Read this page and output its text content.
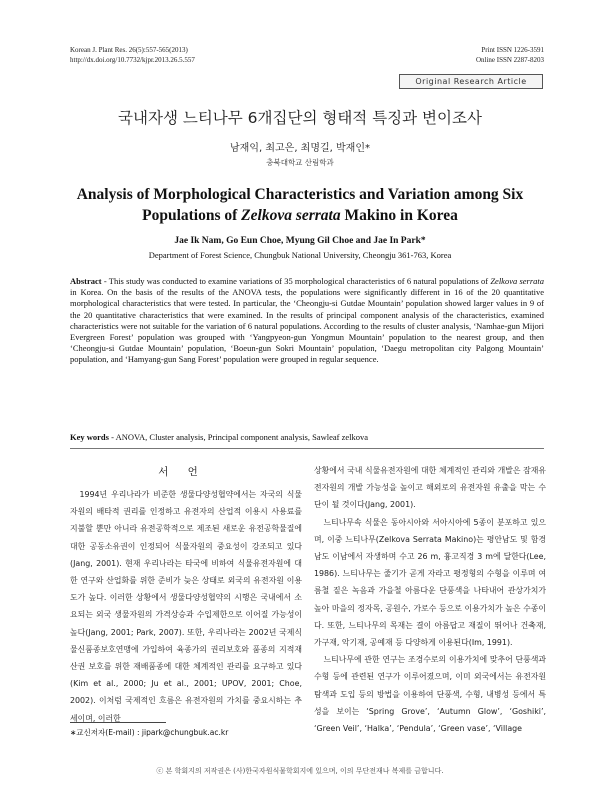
Korean J. Plant Res. 26(5):557-565(2013)
http://dx.doi.org/10.7732/kjpr.2013.26.5.557
Print ISSN 1226-3591
Online ISSN 2287-8203
Original Research Article
국내자생 느티나무 6개집단의 형태적 특징과 변이조사
남재익, 최고은, 최명길, 박재인*
충북대학교 산림학과
Analysis of Morphological Characteristics and Variation among Six
Populations of Zelkova serrata Makino in Korea
Jae Ik Nam, Go Eun Choe, Myung Gil Choe and Jae In Park*
Department of Forest Science, Chungbuk National University, Cheongju 361-763, Korea
Abstract - This study was conducted to examine variations of 35 morphological characteristics of 6 natural populations of Zelkova serrata in Korea. On the basis of the results of the ANOVA tests, the populations were significantly different in 16 of the 20 quantitative morphological characteristics that were tested. In particular, the ‘Cheongju-si Gutdae Mountain’ population showed larger values in 9 of the 20 quantitative characteristics that were examined. In the results of principal component analysis of the characteristics, examined characteristics were not suitable for the variation of 6 natural populations. According to the results of cluster analysis, ‘Namhae-gun Mijori Evergreen Forest’ population was grouped with ‘Yangpyeon-gun Yongmun Mountain’ population to the nearest group, and then ‘Cheongju-si Gutdae Mountain’ population, ‘Boeun-gun Sokri Mountain’ population, ‘Daegu metropolitan city Palgong Mountain’ population, and ‘Hamyang-gun Sang Forest’ population were grouped in regular sequence.
Key words - ANOVA, Cluster analysis, Principal component analysis, Sawleaf zelkova
서 언

1994년 우리나라가 비준한 생물다양성협약에서는 자국의 식물자원의 배타적 권리를 인정하고 유전자의 산업적 이용시 사용료를 지불할 뿐만 아니라 유전공학적으로 제조된 새로운 유전공학물질에 대한 공동소유권이 인정되어 식물자원의 중요성이 강조되고 있다(Jang, 2001). 현재 우리나라는 타국에 비하여 식물유전자원에 대한 연구와 산업화를 위한 준비가 늦은 상태로 외국의 유전자원 이용도가 높다. 이러한 상황에서 생물다양성협약의 시행은 국내에서 소요되는 외국 생물자원의 가격상승과 수입제한으로 이어질 가능성이 높다(Jang, 2001; Park, 2007). 또한, 우리나라는 2002년 국제식물신품종보호연맹에 가입하여 육종가의 권리보호와 품종의 지적재산권 보호를 위한 재배품종에 대한 체계적인 관리를 요구하고 있다(Kim et al., 2000; Ju et al., 2001; UPOV, 2001; Choe, 2002). 이처럼 국제적인 흐름은 유전자원의 가치를 중요시하는 추세이며, 이러한

상황에서 국내 식물유전자원에 대한 체계적인 관리와 개발은 잠재유전자원의 개발 가능성을 높이고 해외로의 유전자원 유출을 막는 수단이 될 것이다(Jang, 2001).

느티나무속 식물은 동아시아와 서아시아에 5종이 분포하고 있으며, 이중 느티나무(Zelkova Serrata Makino)는 평안남도 및 함경남도 이남에서 자생하며 수고 26 m, 흉고직경 3 m에 달한다(Lee, 1986). 느티나무는 줄기가 곧게 자라고 평정형의 수형을 이루며 여름철 짙은 녹음과 가을철 아름다운 단풍색을 나타내어 관상가치가 높아 마을의 정자목, 공원수, 가로수 등으로 이용가치가 높은 수종이다. 또한, 느티나무의 목재는 결이 아름답고 재질이 뛰어나 건축재, 가구재, 악기재, 공예재 등 다양하게 이용된다(Im, 1991).

느티나무에 관한 연구는 조경수로의 이용가치에 맞추어 단풍색과 수형 등에 관련된 연구가 이루어졌으며, 이미 외국에서는 유전자원 탐색과 도입 등의 방법을 이용하여 단풍색, 수형, 내병성 등에서 특성을 보이는 ‘Spring Grove’, ‘Autumn Glow’, ‘Goshiki’, ‘Green Veil’, ‘Halka’, ‘Pendula’, ‘Green vase’, ‘Village

∗교신저자(E-mail) : jipark@chungbuk.ac.kr
ⓒ 본 학회지의 저작권은 (사)한국자원식물학회지에 있으며, 이의 무단전재나 복제를 금합니다.
